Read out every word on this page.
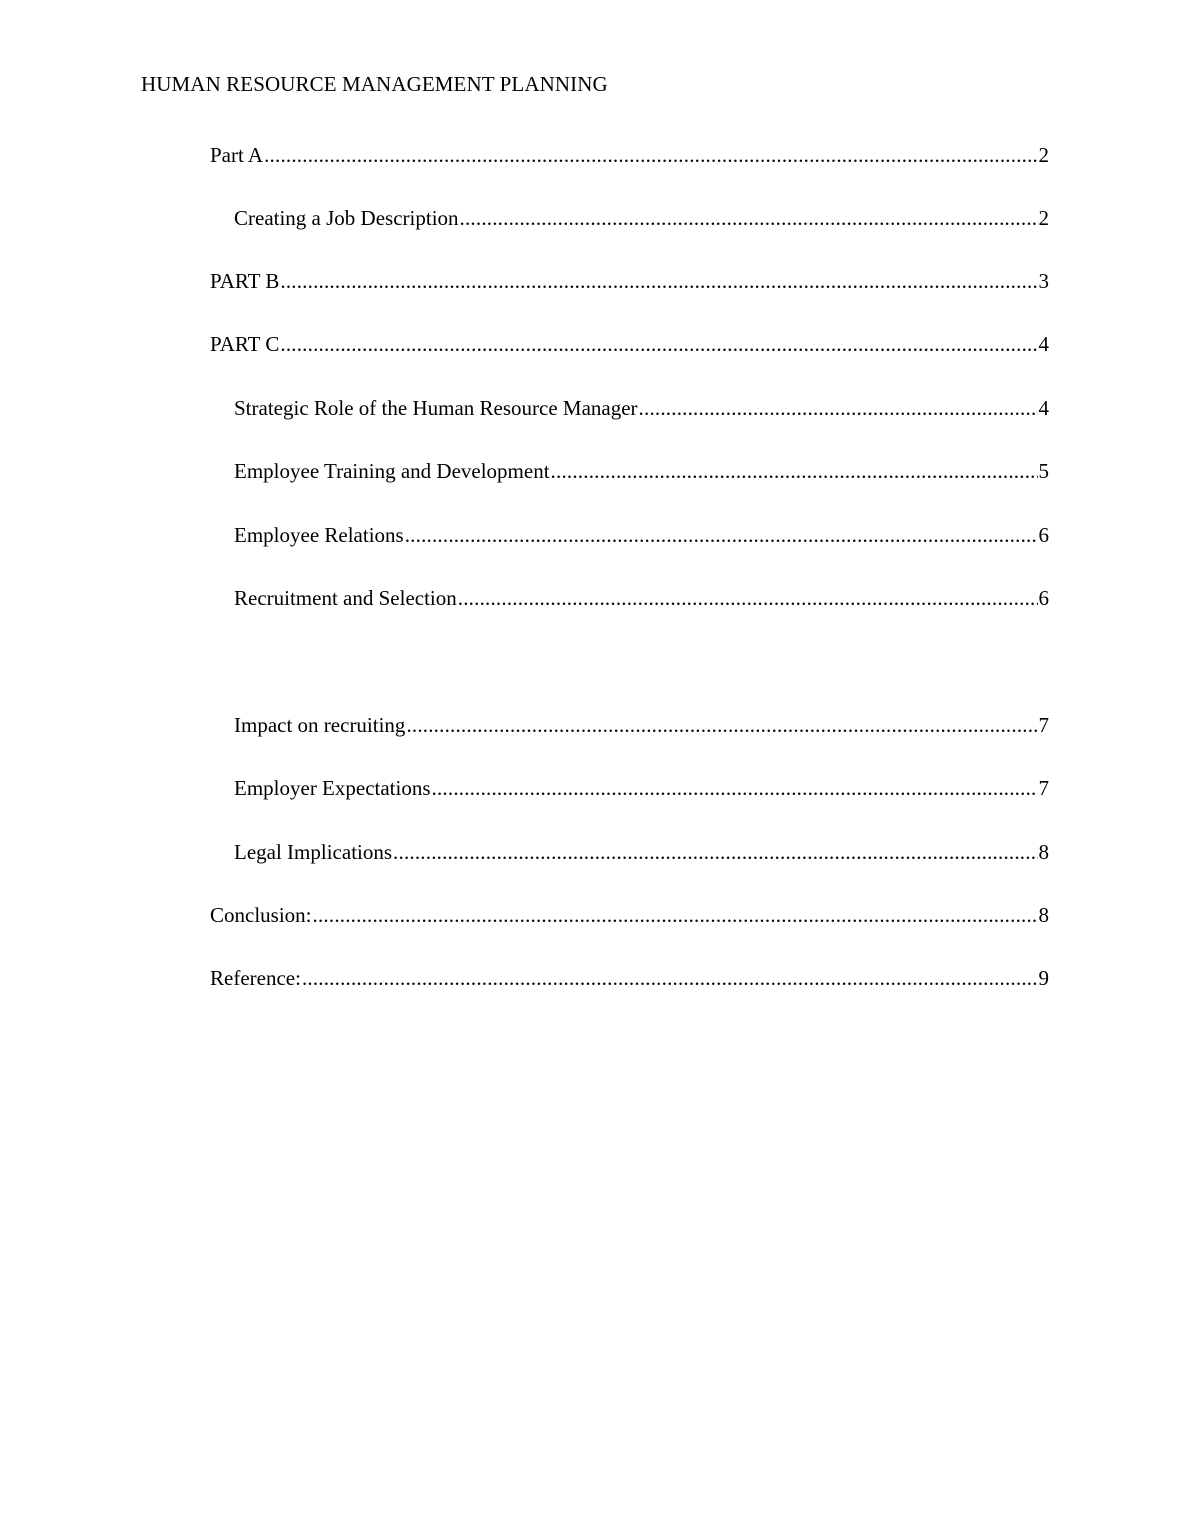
HUMAN RESOURCE MANAGEMENT PLANNING
Part A .....	2
Creating a Job Description .....	2
PART B .....	3
PART C .....	4
Strategic Role of the Human Resource Manager .....	4
Employee Training and Development .....	5
Employee Relations .....	6
Recruitment and Selection .....	6
Impact on recruiting .....	7
Employer Expectations .....	7
Legal Implications .....	8
Conclusion: .....	8
Reference: .....	9
